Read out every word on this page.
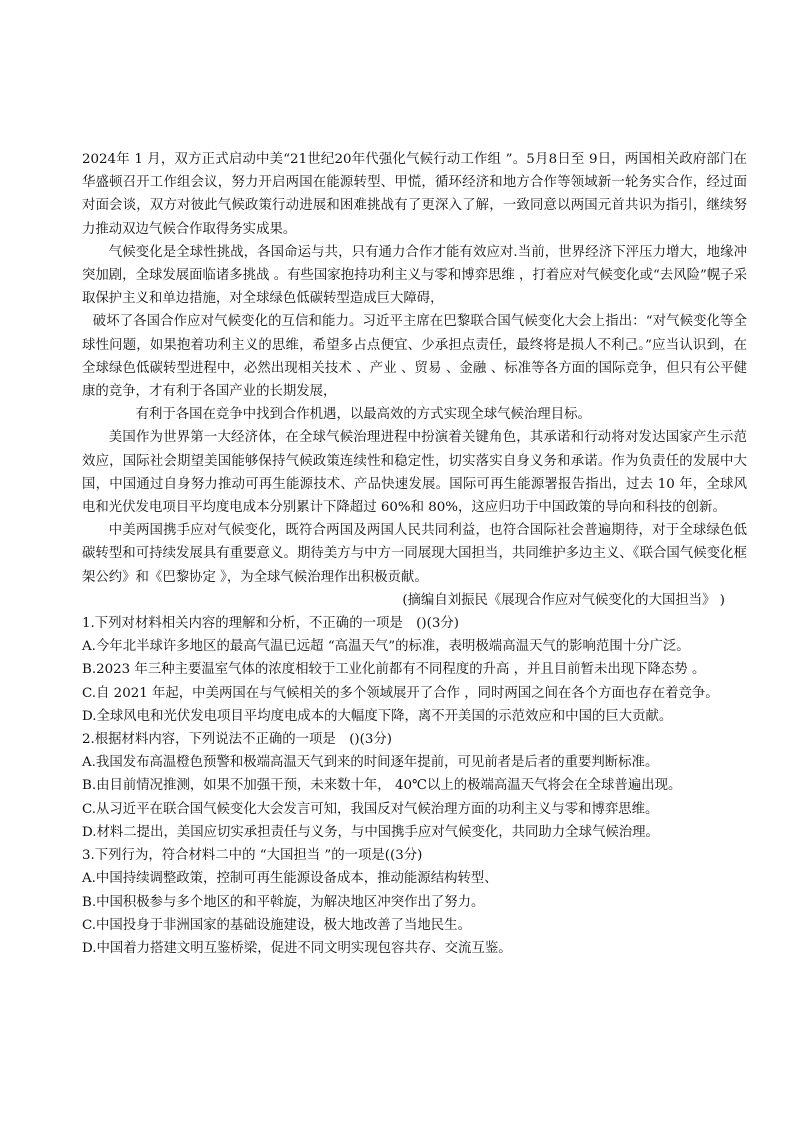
2024年 1 月，双方正式启动中美“21世纪20年代强化气候行动工作组 ”。5月8日至 9日，两国相关政府部门在华盛顿召开工作组会议，努力开启两国在能源转型、甲慌，循环经济和地方合作等领域新一轮务实合作，经过面对面会谈，双方对彼此气候政策行动进展和困难挑战有了更深入了解，一致同意以两国元首共识为指引，继续努力推动双边气候合作取得务实成果。

气候变化是全球性挑战，各国命运与共，只有通力合作才能有效应对.当前，世界经济下泙压力增大，地缘冲突加剧，全球发展面临诸多挑战 。有些国家抱持功利主义与零和博弈思维 ，打着应对气候变化或“去风险”幌子采取保护主义和单边措施，对全球绿色低碳转型造成巨大障碍，

破坏了各国合作应对气候变化的互信和能力。习近平主席在巴黎联合国气候变化大会上指出：“对气候变化等全球性问题，如果抱着功利主义的思维，希望多占点便宜、少承担点责任，最终将是损人不利己。”应当认识到，在全球绿色低碳转型进程中，必然出现相关技术 、产业 、贸易 、金融 、标准等各方面的国际竞争，但只有公平健康的竞争，才有利于各国产业的长期发展，

有利于各国在竞争中找到合作机遇，以最高效的方式实现全球气候治理目标。

美国作为世界第一大经济体，在全球气候治理进程中扮演着关键角色，其承诺和行动将对发达国家产生示范效应，国际社会期望美国能够保持气候政策连续性和稳定性，切实落实自身义务和承诺。作为负责任的发展中大国，中国通过自身努力推动可再生能源技术、产品快速发展。国际可再生能源署报告指出，过去 10 年，全球风电和光伏发电项目平均度电成本分别累计下降超过 60%和 80%，这应归功于中国政策的导向和科技的创新。

中美两国携手应对气候变化，既符合两国及两国人民共同利益，也符合国际社会普遍期待，对于全球绿色低碳转型和可持续发展具有重要意义。期待美方与中方一同展现大国担当，共同维护多边主义、《联合国气候变化框架公约》和《巴黎协定 》，为全球气候治理作出积极贡献。

(摘编自刘振民《展现合作应对气候变化的大国担当》 )

1.下列对材料相关内容的理解和分析，不正确的一项是　()(3分)

A.今年北半球许多地区的最高气温已远超 “高温天气”的标准，表明极端高温天气的影响范围十分广泛。

B.2023 年三种主要温室气体的浓度相较于工业化前都有不同程度的升高 ，并且目前暂未出现下降态势 。

C.自 2021 年起，中美两国在与气候相关的多个领域展开了合作 ，同时两国之间在各个方面也存在着竞争。

D.全球风电和光伏发电项目平均度电成本的大幅度下降，离不开美国的示范效应和中国的巨大贡献。

2.根据材料内容，下列说法不正确的一项是　()(3分)

A.我国发布高温橙色预警和极端高温天气到来的时间逐年提前，可见前者是后者的重要判断标准。

B.由目前情况推测，如果不加强干预，未来数十年， 40℃以上的极端高温天气将会在全球普遍出现。

C.从习近平在联合国气候变化大会发言可知，我国反对气候治理方面的功利主义与零和博弈思维。

D.材料二提出，美国应切实承担责任与义务，与中国携手应对气候变化，共同助力全球气候治理。

3.下列行为，符合材料二中的 “大国担当 ”的一项是((3分)

A.中国持续调整政策，控制可再生能源设备成本，推动能源结构转型、

B.中国积极参与多个地区的和平斡旋，为解决地区冲突作出了努力。

C.中国投身于非洲国家的基础设施建设，极大地改善了当地民生。

D.中国着力搭建文明互鉴桥梁，促进不同文明实现包容共存、交流互鉴。
